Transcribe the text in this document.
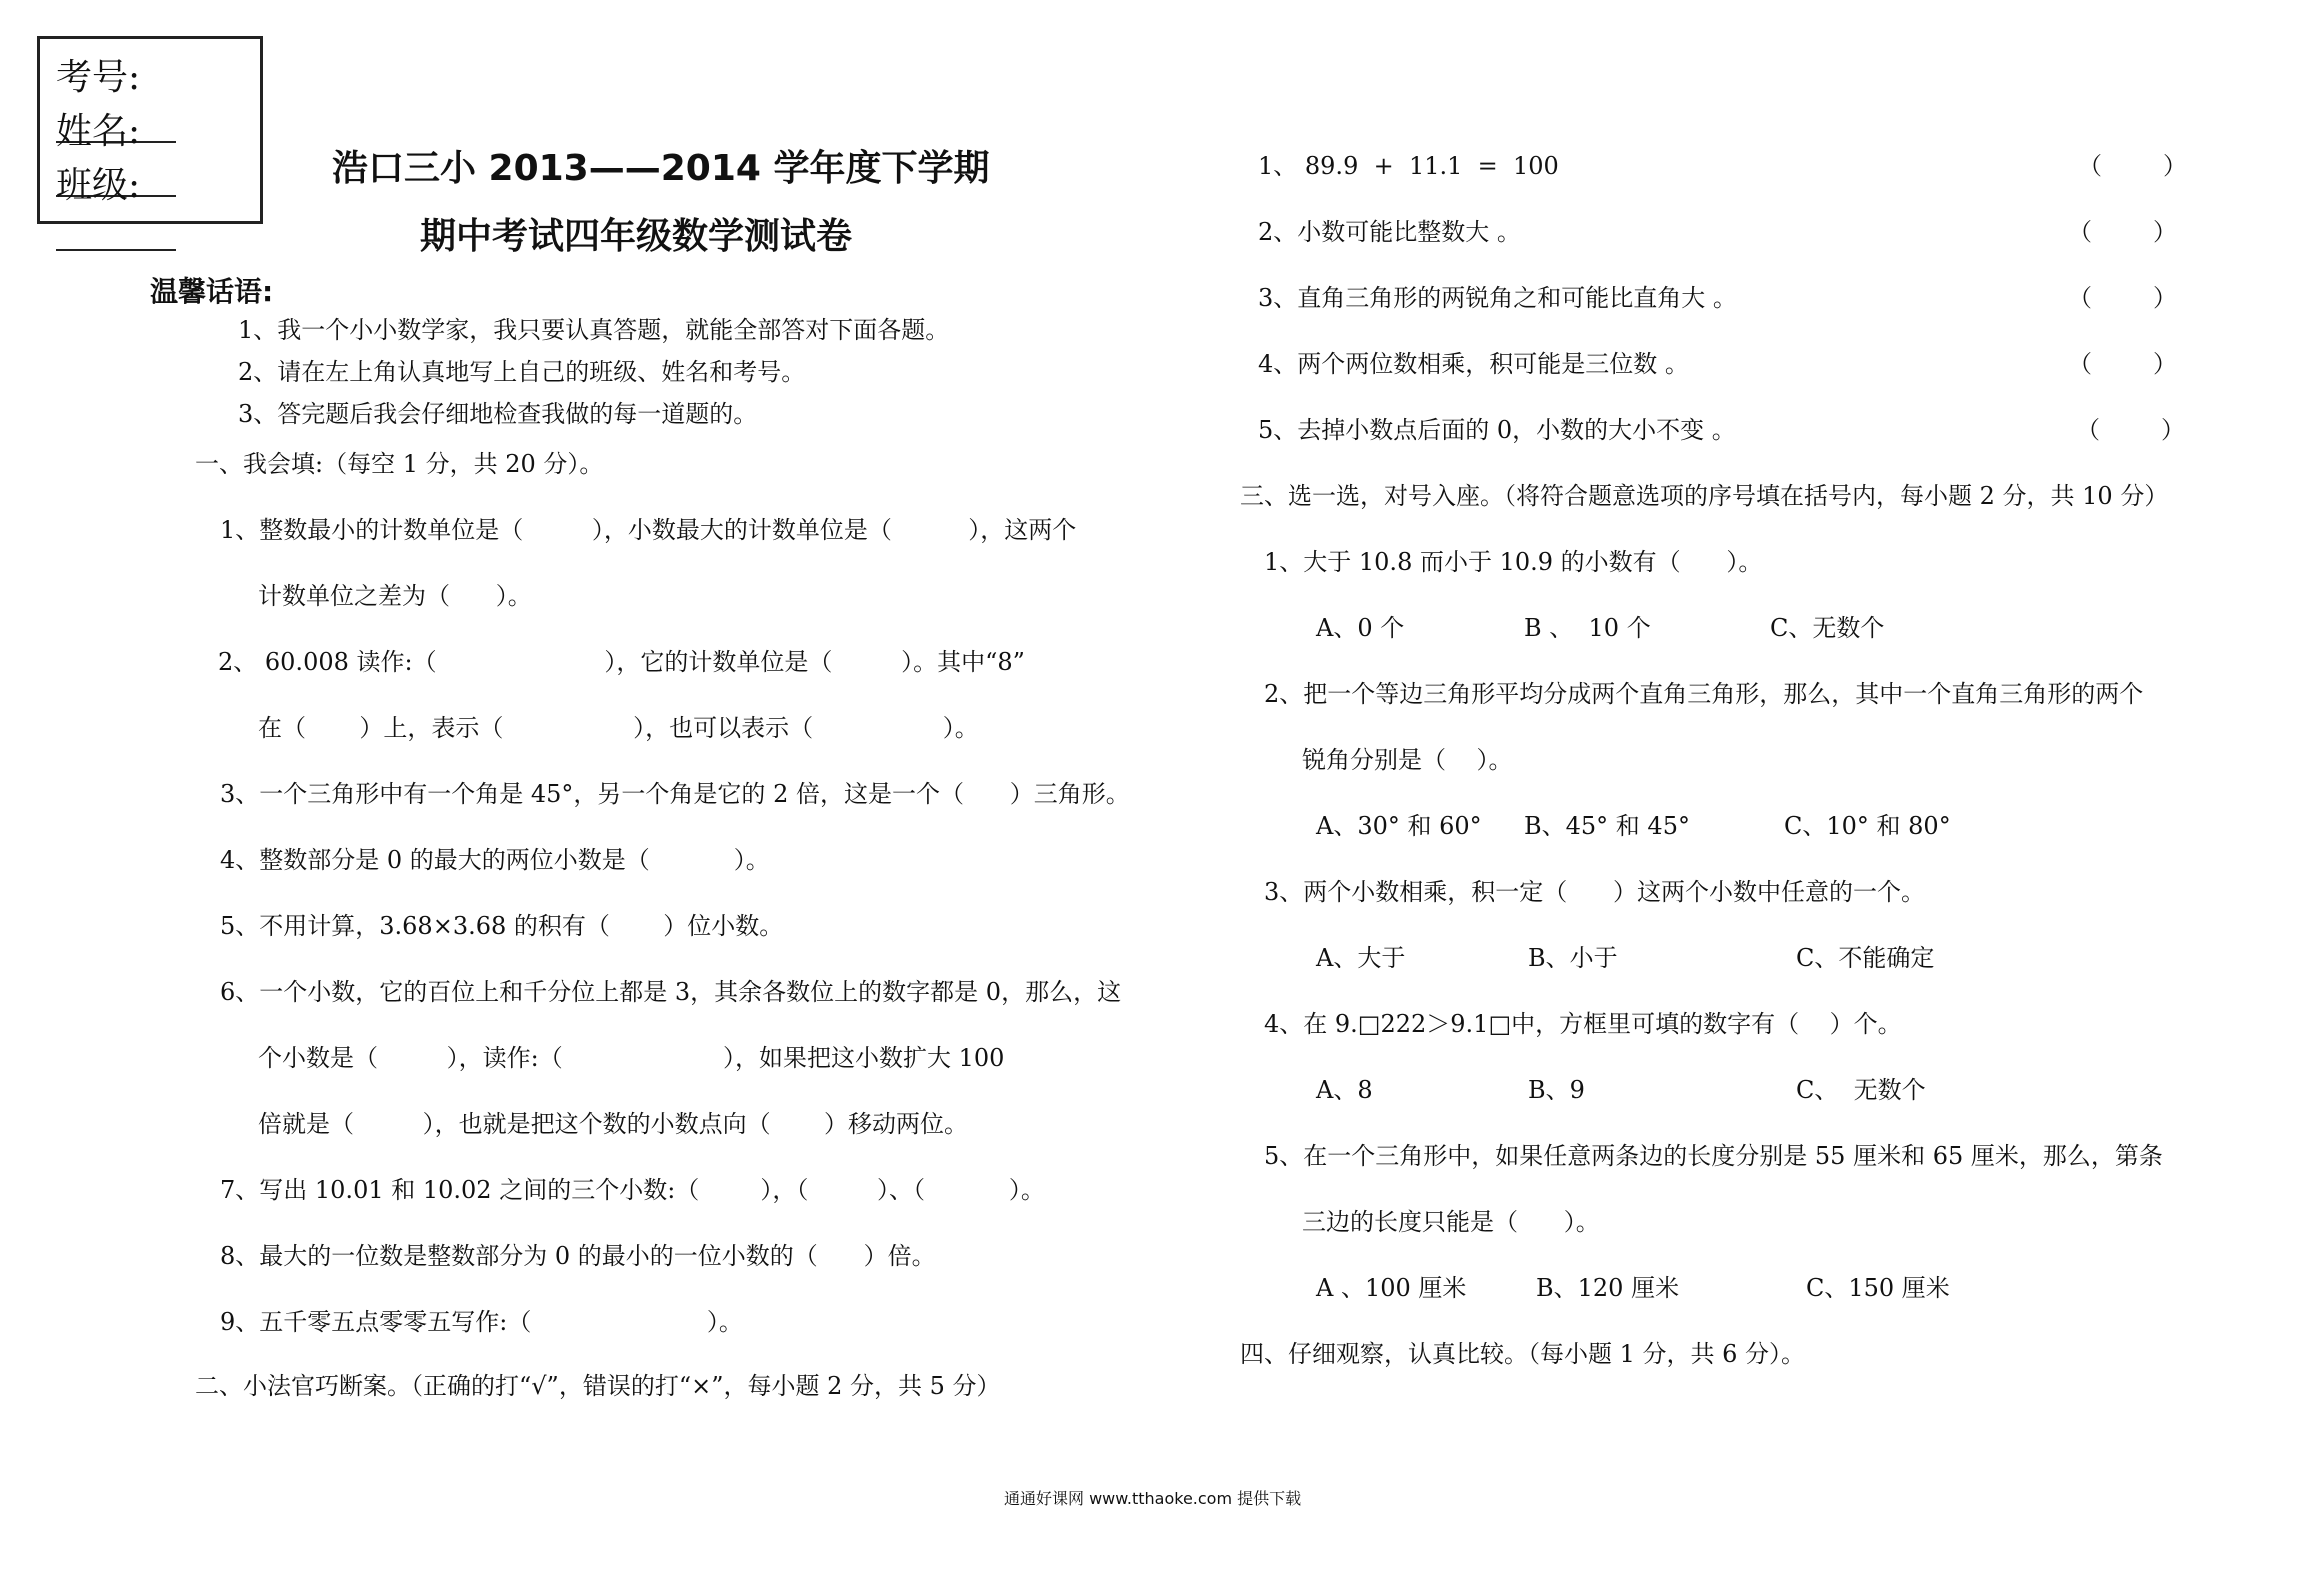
考号:
姓名:
班级:	浩口三小 2013——2014 学年度下学期
期中考试四年级数学测试卷
温馨话语:
1、我一个小小数学家，我只要认真答题，就能全部答对下面各题。
2、请在左上角认真地写上自己的班级、姓名和考号。
3、答完题后我会仔细地检查我做的每一道题的。
一、我会填:（每空 1 分，共 20 分）。
1、整数最小的计数单位是（         ），小数最大的计数单位是（          ），这两个
计数单位之差为（      ）。
2、 60.008 读作:（                      ），它的计数单位是（         ）。其中“8”
在（       ）上，表示（                 ），也可以表示（                 ）。
3、一个三角形中有一个角是 45°，另一个角是它的 2 倍，这是一个（      ）三角形。
4、整数部分是 0 的最大的两位小数是（           ）。
5、不用计算，3.68×3.68 的积有（       ）位小数。
6、一个小数，它的百位上和千分位上都是 3，其余各数位上的数字都是 0，那么，这
个小数是（         ），读作:（                     ），如果把这小数扩大 100
倍就是（         ），也就是把这个数的小数点向（       ）移动两位。
7、写出 10.01 和 10.02 之间的三个小数:（        ），（         ）、（           ）。
8、最大的一位数是整数部分为 0 的最小的一位小数的（      ）倍。
9、五千零五点零零五写作:（                       ）。
二、小法官巧断案。（正确的打“√”，错误的打“×”，每小题 2 分，共 5 分）
1、 89.9  +  11.1  =  100	（        ）
2、小数可能比整数大 。	（        ）
3、直角三角形的两锐角之和可能比直角大 。	（        ）
4、两个两位数相乘，积可能是三位数 。	（        ）
5、去掉小数点后面的 0，小数的大小不变 。	（        ）
三、选一选，对号入座。（将符合题意选项的序号填在括号内，每小题 2 分，共 10 分）
1、大于 10.8 而小于 10.9 的小数有（      ）。
A、0 个	B 、  10 个	C、无数个
2、把一个等边三角形平均分成两个直角三角形，那么，其中一个直角三角形的两个
锐角分别是（    ）。
A、30° 和 60° B、45° 和 45°	C、10° 和 80°
3、两个小数相乘，积一定（      ）这两个小数中任意的一个。
A、大于	B、小于	C、不能确定
4、在 9.□222＞9.1□中，方框里可填的数字有（    ）个。
A、8	B、9	C、  无数个
5、在一个三角形中，如果任意两条边的长度分别是 55 厘米和 65 厘米，那么，第条
三边的长度只能是（      ）。
A 、100 厘米	B、120 厘米	C、150 厘米
四、仔细观察，认真比较。（每小题 1 分，共 6 分）。
通通好课网 www.tthaoke.com 提供下载
